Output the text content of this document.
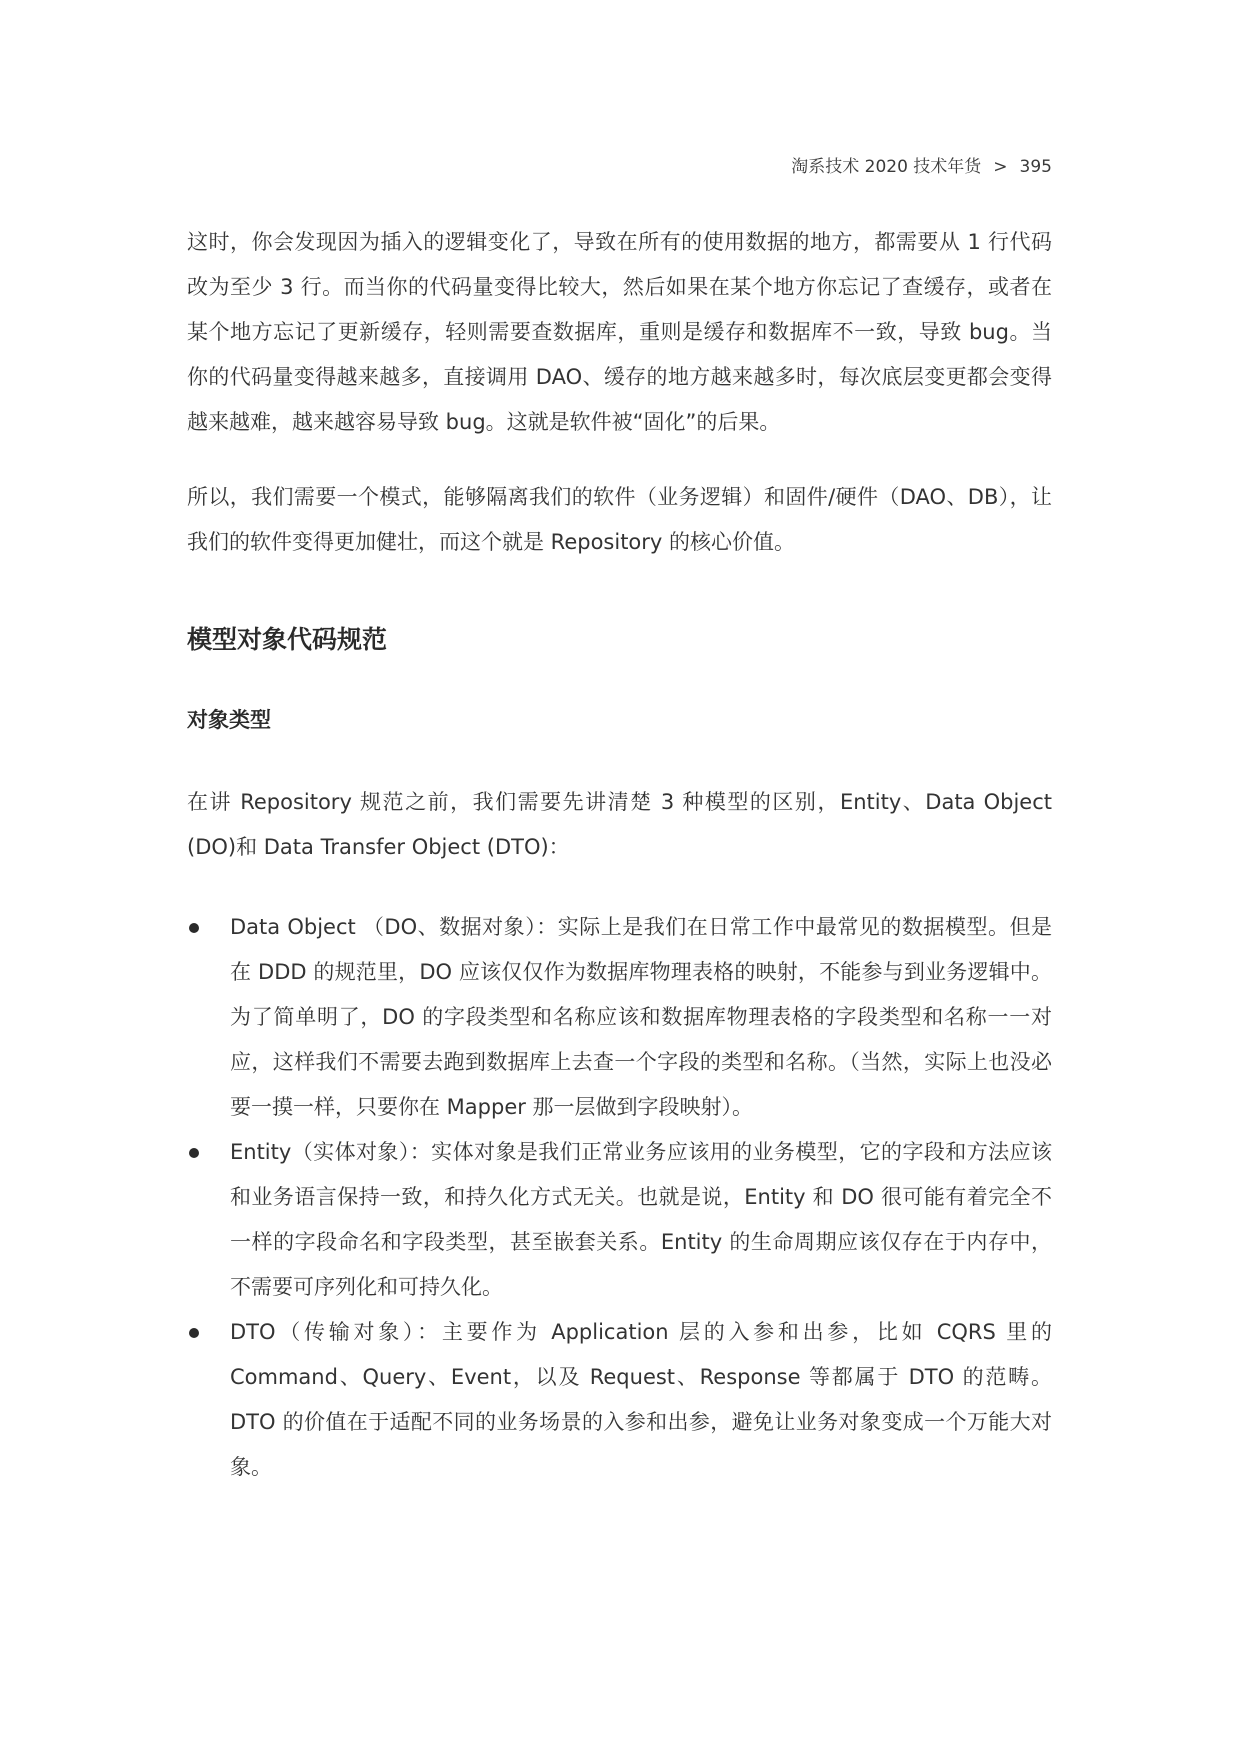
淘系技术 2020 技术年货 > 395

这时，你会发现因为插入的逻辑变化了，导致在所有的使用数据的地方，都需要从 1 行代码改为至少 3 行。而当你的代码量变得比较大，然后如果在某个地方你忘记了查缓存，或者在某个地方忘记了更新缓存，轻则需要查数据库，重则是缓存和数据库不一致，导致 bug。当你的代码量变得越来越多，直接调用 DAO、缓存的地方越来越多时，每次底层变更都会变得越来越难，越来越容易导致 bug。这就是软件被“固化”的后果。

所以，我们需要一个模式，能够隔离我们的软件（业务逻辑）和固件/硬件（DAO、DB），让我们的软件变得更加健壮，而这个就是 Repository 的核心价值。

模型对象代码规范
对象类型

在讲 Repository 规范之前，我们需要先讲清楚 3 种模型的区别，Entity、Data Object (DO)和 Data Transfer Object (DTO)：

Data Object （DO、数据对象）：实际上是我们在日常工作中最常见的数据模型。但是在 DDD 的规范里，DO 应该仅仅作为数据库物理表格的映射，不能参与到业务逻辑中。为了简单明了，DO 的字段类型和名称应该和数据库物理表格的字段类型和名称一一对应，这样我们不需要去跑到数据库上去查一个字段的类型和名称。（当然，实际上也没必要一摸一样，只要你在 Mapper 那一层做到字段映射）。
Entity（实体对象）：实体对象是我们正常业务应该用的业务模型，它的字段和方法应该和业务语言保持一致，和持久化方式无关。也就是说，Entity 和 DO 很可能有着完全不一样的字段命名和字段类型，甚至嵌套关系。Entity 的生命周期应该仅存在于内存中，不需要可序列化和可持久化。
DTO（传输对象）：主要作为 Application 层的入参和出参，比如 CQRS 里的 Command、Query、Event，以及 Request、Response 等都属于 DTO 的范畴。DTO 的价值在于适配不同的业务场景的入参和出参，避免让业务对象变成一个万能大对象。
